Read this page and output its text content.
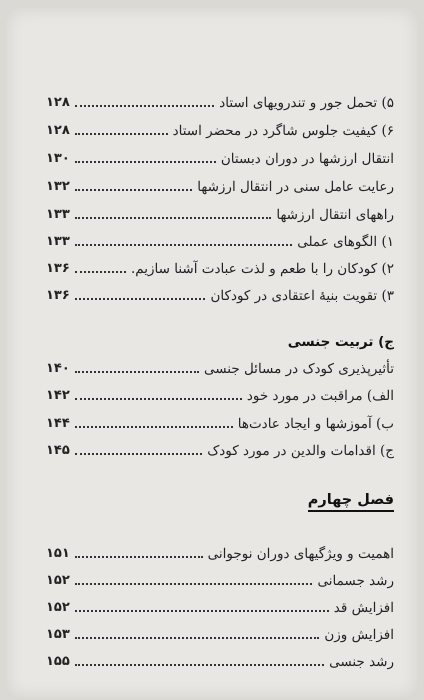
۱۲۸	۵) تحمل جور و تندرویهای استاد
۱۲۸	۶) کیفیت جلوس شاگرد در محضر استاد
۱۳۰	انتقال ارزشها در دوران دبستان
۱۳۲	رعایت عامل سنی در انتقال ارزشها
۱۳۳	راههای انتقال ارزشها
۱۳۳	۱) الگوهای عملی
۱۳۶	۲) کودکان را با طعم و لذت عبادت آشنا سازیم.
۱۳۶	۳) تقویت بنیهٔ اعتقادی در کودکان
ج) تربیت جنسی
۱۴۰	تأثیرپذیری کودک در مسائل جنسی
۱۴۲	الف) مراقبت در مورد خود
۱۴۴	ب) آموزشها و ایجاد عادت‌ها
۱۴۵	ج) اقدامات والدین در مورد کودک
فصل چهارم
۱۵۱	اهمیت و ویژگیهای دوران نوجوانی
۱۵۲	رشد جسمانی
۱۵۲	افزایش قد
۱۵۳	افزایش وزن
۱۵۵	رشد جنسی
